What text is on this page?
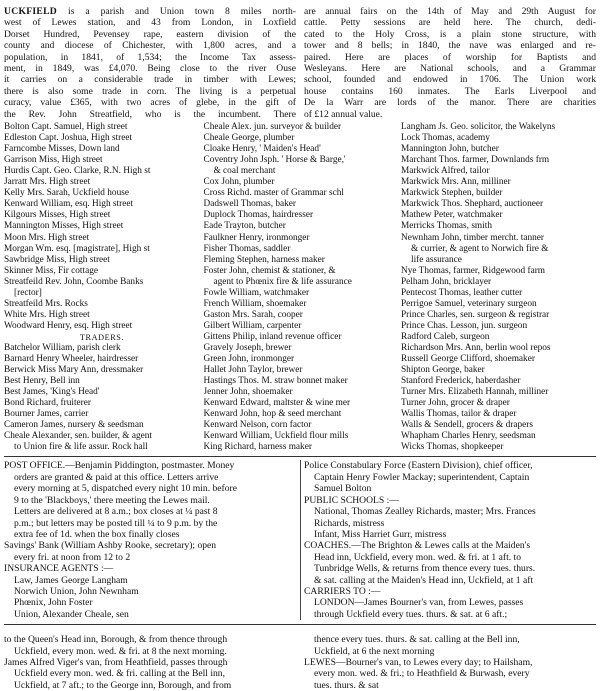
UCKFIELD is a parish and Union town 8 miles north-
west of Lewes station, and 43 from London, in Loxfield
Dorset Hundred, Pevensey rape, eastern division of the
county and diocese of Chichester, with 1,800 acres, and a
population, in 1841, of 1,534; the Income Tax assess-
ment, in 1849, was £4,070. Being close to the river Ouse
it carries on a considerable trade in timber with Lewes;
there is also some trade in corn. The living is a perpetual
curacy, value £365, with two acres of glebe, in the gift of
the Rev. John Streatfield, who is the incumbent. There
are annual fairs on the 14th of May and 29th August for
cattle. Petty sessions are held here. The church, dedi-
cated to the Holy Cross, is a plain stone structure, with
tower and 8 bells; in 1840, the nave was enlarged and re-
paired. Here are places of worship for Baptists and
Wesleyans. Here are National schools, and a Grammar
school, founded and endowed in 1706. The Union work
house contains 160 inmates. The Earls Liverpool and
De la Warr are lords of the manor. There are charities
of £12 annual value.
Bolton Capt. Samuel, High street
Edleston Capt. Joshua, High street
Farncombe Misses, Down land
Garrison Miss, High street
Hurdis Capt. Geo. Clarke, R.N. High st
Jarratt Mrs. High street
Kelly Mrs. Sarah, Uckfield house
Kenward William, esq. High street
Kilgours Misses, High street
Mannington Misses, High street
Moon Mrs. High street
Morgan Wm. esq. [magistrate], High st
Sawbridge Miss, High street
Skinner Miss, Fir cottage
Streatfeild Rev. John, Coombe Banks
[rector]
Streatfeild Mrs. Rocks
White Mrs. High street
Woodward Henry, esq. High street
TRADERS.
Batchelor William, parish clerk
Barnard Henry Wheeler, hairdresser
Berwick Miss Mary Ann, dressmaker
Best Henry, Bell inn
Best James, 'King's Head'
Bond Richard, fruiterer
Bourner James, carrier
Cameron James, nursery & seedsman
Cheale Alexander, sen. builder, & agent
to Union fire & life assur. Rock hall
Cheale Alex. jun. surveyor & builder
Cheale George, plumber
Cloake Henry, ' Maiden's Head'
Coventry John Jsph. ' Horse & Barge,'
& coal merchant
Cox John, plumber
Cross Richd. master of Grammar schl
Dadswell Thomas, baker
Duplock Thomas, hairdresser
Eade Trayton, butcher
Faulkner Henry, ironmonger
Fisher Thomas, saddler
Fleming Stephen, harness maker
Foster John, chemist & stationer, &
agent to Phœnix fire & life assurance
Fowle William, watchmaker
French William, shoemaker
Gaston Mrs. Sarah, cooper
Gilbert William, carpenter
Gittens Philip, inland revenue officer
Gravely Joseph, brewer
Green John, ironmonger
Hallet John Taylor, brewer
Hastings Thos. M. straw bonnet maker
Jenner John, shoemaker
Kenward Edward, maltster & wine mer
Kenward John, hop & seed merchant
Kenward Nelson, corn factor
Kenward William, Uckfield flour mills
King Richard, harness maker
Langham Js. Geo. solicitor, the Wakelyns
Lock Thomas, academy
Mannington John, butcher
Marchant Thos. farmer, Downlands frm
Markwick Alfred, tailor
Markwick Mrs. Ann, milliner
Markwick Stephen, builder
Markwick Thos. Shephard, auctioneer
Mathew Peter, watchmaker
Merricks Thomas, smith
Newnham John, timber mercht. tanner
& currier, & agent to Norwich fire &
life assurance
Nye Thomas, farmer, Ridgewood farm
Pelham John, bricklayer
Pentecost Thomas, leather cutter
Perrigoe Samuel, veterinary surgeon
Prince Charles, sen. surgeon & registrar
Prince Chas. Lesson, jun. surgeon
Radford Caleb, surgeon
Richardson Mrs. Ann, berlin wool repos
Russell George Clifford, shoemaker
Shipton George, baker
Stanford Frederick, haberdasher
Turner Mrs. Elizabeth Hannah, milliner
Turner John, grocer & draper
Wallis Thomas, tailor & draper
Walls & Sendell, grocers & drapers
Whapham Charles Henry, seedsman
Wicks Thomas, shopkeeper
POST OFFICE.—Benjamin Piddington, postmaster. Money
orders are granted & paid at this office. Letters arrive
every morning at 5, dispatched every night 10 min. before
9 to the 'Blackboys,' there meeting the Lewes mail.
Letters are delivered at 8 a.m.; box closes at ¼ past 8
p.m.; but letters may be posted till ¼ to 9 p.m. by the
extra fee of 1d. when the box finally closes
Savings' Bank (William Ashby Rooke, secretary); open
every fri. at noon from 12 to 2
INSURANCE AGENTS :—
Law, James George Langham
Norwich Union, John Newnham
Phœnix, John Foster
Union, Alexander Cheale, sen
Police Constabulary Force (Eastern Division), chief officer,
Captain Henry Fowler Mackay; superintendent, Captain
Samuel Bolton
PUBLIC SCHOOLS :—
National, Thomas Zealley Richards, master; Mrs. Frances
Richards, mistress
Infant, Miss Harriet Gurr, mistress
COACHES.—The Brighton & Lewes calls at the Maiden's
Head inn, Uckfield, every mon. wed. & fri. at 1 aft. to
Tunbridge Wells, & returns from thence every tues. thurs.
& sat. calling at the Maiden's Head inn, Uckfield, at 1 aft
CARRIERS TO :—
LONDON—James Bourner's van, from Lewes, passes
through Uckfield every tues. thurs. & sat. at 6 aft.;
to the Queen's Head inn, Borough, & from thence through
Uckfield, every mon. wed. & fri. at 8 the next morning.
James Alfred Viger's van, from Heathfield, passes through
Uckfield every mon. wed. & fri. calling at the Bell inn,
Uckfield, at 7 aft.; to the George inn, Borough, and from
thence every tues. thurs. & sat. calling at the Bell inn,
Uckfield, at 6 the next morning
LEWES—Bourner's van, to Lewes every day; to Hailsham,
every mon. wed. & fri.; to Heathfield & Burwash, every
tues. thurs. & sat
